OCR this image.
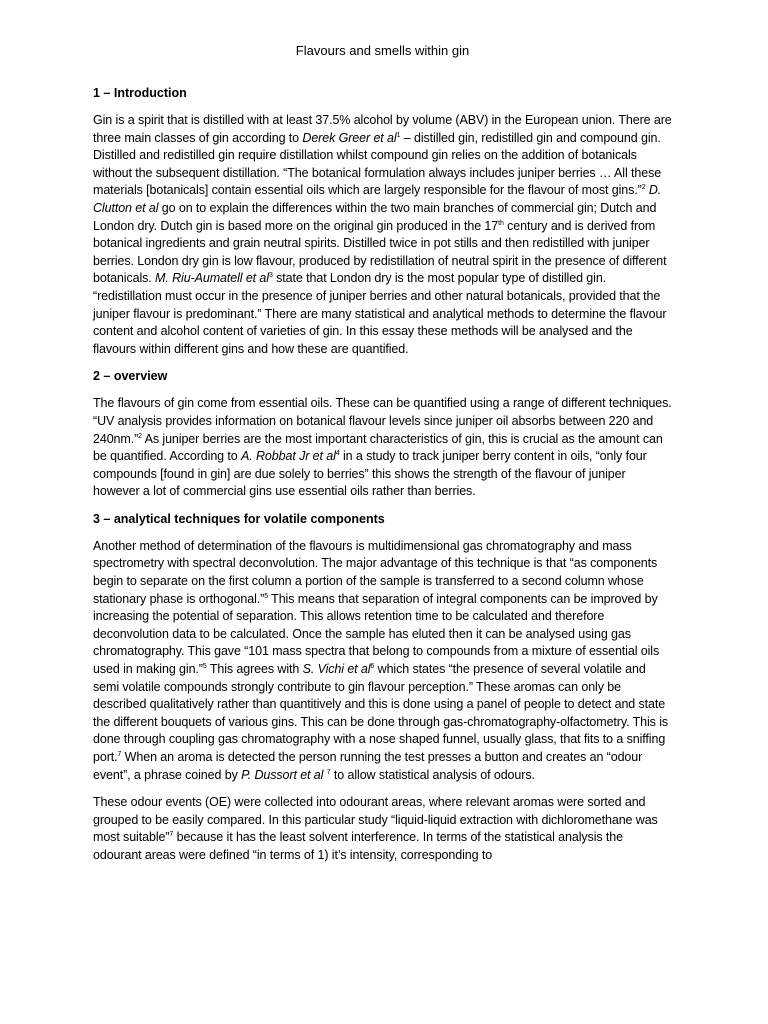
Flavours and smells within gin
1 – Introduction

Gin is a spirit that is distilled with at least 37.5% alcohol by volume (ABV) in the European union. There are three main classes of gin according to Derek Greer et $al^1$ – distilled gin, redistilled gin and compound gin. Distilled and redistilled gin require distillation whilst compound gin relies on the addition of botanicals without the subsequent distillation. “The botanical formulation always includes juniper berries … All these materials [botanicals] contain essential oils which are largely responsible for the flavour of most gins.”$^2$ D. Clutton et al go on to explain the differences within the two main branches of commercial gin; Dutch and London dry. Dutch gin is based more on the original gin produced in the 17th century and is derived from botanical ingredients and grain neutral spirits. Distilled twice in pot stills and then redistilled with juniper berries. London dry gin is low flavour, produced by redistillation of neutral spirit in the presence of different botanicals. M. Riu-Aumatell et $al^3$ state that London dry is the most popular type of distilled gin. “redistillation must occur in the presence of juniper berries and other natural botanicals, provided that the juniper flavour is predominant.” There are many statistical and analytical methods to determine the flavour content and alcohol content of varieties of gin. In this essay these methods will be analysed and the flavours within different gins and how these are quantified.

2 – overview

The flavours of gin come from essential oils. These can be quantified using a range of different techniques. “UV analysis provides information on botanical flavour levels since juniper oil absorbs between 220 and 240nm.”$^2$ As juniper berries are the most important characteristics of gin, this is crucial as the amount can be quantified. According to A. Robbat Jr et $al^4$ in a study to track juniper berry content in oils, “only four compounds [found in gin] are due solely to berries” this shows the strength of the flavour of juniper however a lot of commercial gins use essential oils rather than berries.

3 – analytical techniques for volatile components

Another method of determination of the flavours is multidimensional gas chromatography and mass spectrometry with spectral deconvolution. The major advantage of this technique is that “as components begin to separate on the first column a portion of the sample is transferred to a second column whose stationary phase is orthogonal.”$^5$ This means that separation of integral components can be improved by increasing the potential of separation. This allows retention time to be calculated and therefore deconvolution data to be calculated. Once the sample has eluted then it can be analysed using gas chromatography. This gave “101 mass spectra that belong to compounds from a mixture of essential oils used in making gin.”$^5$ This agrees with S. Vichi et $al^6$ which states “the presence of several volatile and semi volatile compounds strongly contribute to gin flavour perception.” These aromas can only be described qualitatively rather than quantitively and this is done using a panel of people to detect and state the different bouquets of various gins. This can be done through gas-chromatography-olfactometry. This is done through coupling gas chromatography with a nose shaped funnel, usually glass, that fits to a sniffing port.$^7$ When an aroma is detected the person running the test presses a button and creates an “odour event”, a phrase coined by P. Dussort et al $^7$ to allow statistical analysis of odours.

These odour events (OE) were collected into odourant areas, where relevant aromas were sorted and grouped to be easily compared. In this particular study “liquid-liquid extraction with dichloromethane was most suitable”$^7$ because it has the least solvent interference. In terms of the statistical analysis the odourant areas were defined “in terms of 1) it’s intensity, corresponding to
